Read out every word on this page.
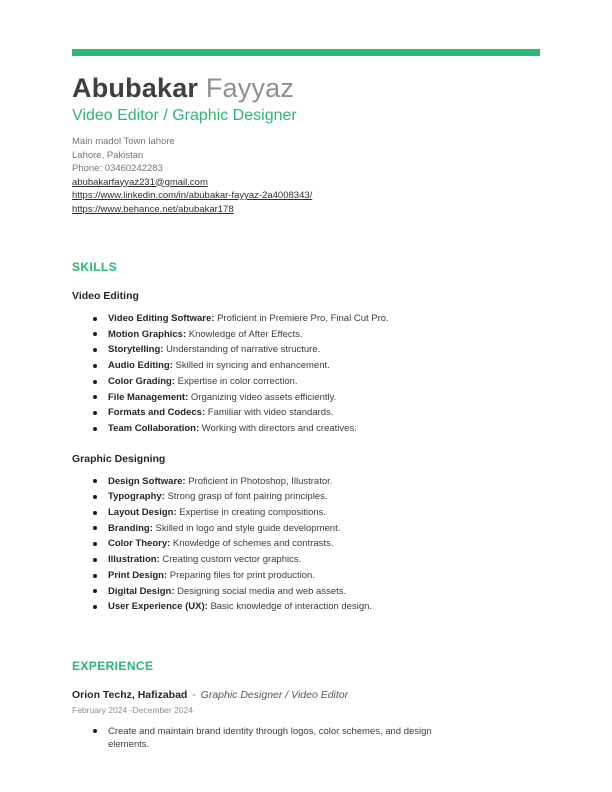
Abubakar Fayyaz
Video Editor / Graphic Designer
Main madol Town lahore
Lahore, Pakistan
Phone: 03460242283
abubakarfayyaz231@gmail.com
https://www.linkedin.com/in/abubakar-fayyaz-2a4008343/
https://www.behance.net/abubakar178
SKILLS
Video Editing
Video Editing Software: Proficient in Premiere Pro, Final Cut Pro.
Motion Graphics: Knowledge of After Effects.
Storytelling: Understanding of narrative structure.
Audio Editing: Skilled in syncing and enhancement.
Color Grading: Expertise in color correction.
File Management: Organizing video assets efficiently.
Formats and Codecs: Familiar with video standards.
Team Collaboration: Working with directors and creatives.
Graphic Designing
Design Software: Proficient in Photoshop, Illustrator.
Typography: Strong grasp of font pairing principles.
Layout Design: Expertise in creating compositions.
Branding: Skilled in logo and style guide development.
Color Theory: Knowledge of schemes and contrasts.
Illustration: Creating custom vector graphics.
Print Design: Preparing files for print production.
Digital Design: Designing social media and web assets.
User Experience (UX): Basic knowledge of interaction design.
EXPERIENCE
Orion Techz, Hafizabad - Graphic Designer / Video Editor
February 2024 -December 2024
Create and maintain brand identity through logos, color schemes, and design elements.
